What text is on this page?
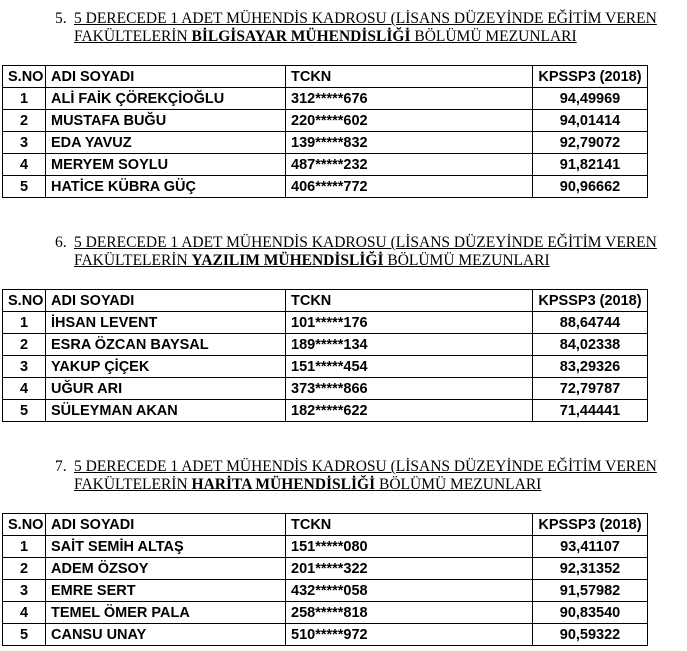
5. 5 DERECEDE 1 ADET MÜHENDİS KADROSU (LİSANS DÜZEYİNDE EĞİTİM VEREN
FAKÜLTELERİN BİLGİSAYAR MÜHENDİSLİĞİ BÖLÜMÜ MEZUNLARI
S.NO	ADI SOYADI	TCKN	KPSSP3 (2018)
1	ALİ FAİK ÇÖREKÇİOĞLU	312*****676	94,49969
2	MUSTAFA BUĞU	220*****602	94,01414
3	EDA YAVUZ	139*****832	92,79072
4	MERYEM SOYLU	487*****232	91,82141
5	HATİCE KÜBRA GÜÇ	406*****772	90,96662
6. 5 DERECEDE 1 ADET MÜHENDİS KADROSU (LİSANS DÜZEYİNDE EĞİTİM VEREN
FAKÜLTELERİN YAZILIM MÜHENDİSLİĞİ BÖLÜMÜ MEZUNLARI
S.NO	ADI SOYADI	TCKN	KPSSP3 (2018)
1	İHSAN LEVENT	101*****176	88,64744
2	ESRA ÖZCAN BAYSAL	189*****134	84,02338
3	YAKUP ÇİÇEK	151*****454	83,29326
4	UĞUR ARI	373*****866	72,79787
5	SÜLEYMAN AKAN	182*****622	71,44441
7. 5 DERECEDE 1 ADET MÜHENDİS KADROSU (LİSANS DÜZEYİNDE EĞİTİM VEREN
FAKÜLTELERİN HARİTA MÜHENDİSLİĞİ BÖLÜMÜ MEZUNLARI
S.NO	ADI SOYADI	TCKN	KPSSP3 (2018)
1	SAİT SEMİH ALTAŞ	151*****080	93,41107
2	ADEM ÖZSOY	201*****322	92,31352
3	EMRE SERT	432*****058	91,57982
4	TEMEL ÖMER PALA	258*****818	90,83540
5	CANSU UNAY	510*****972	90,59322
